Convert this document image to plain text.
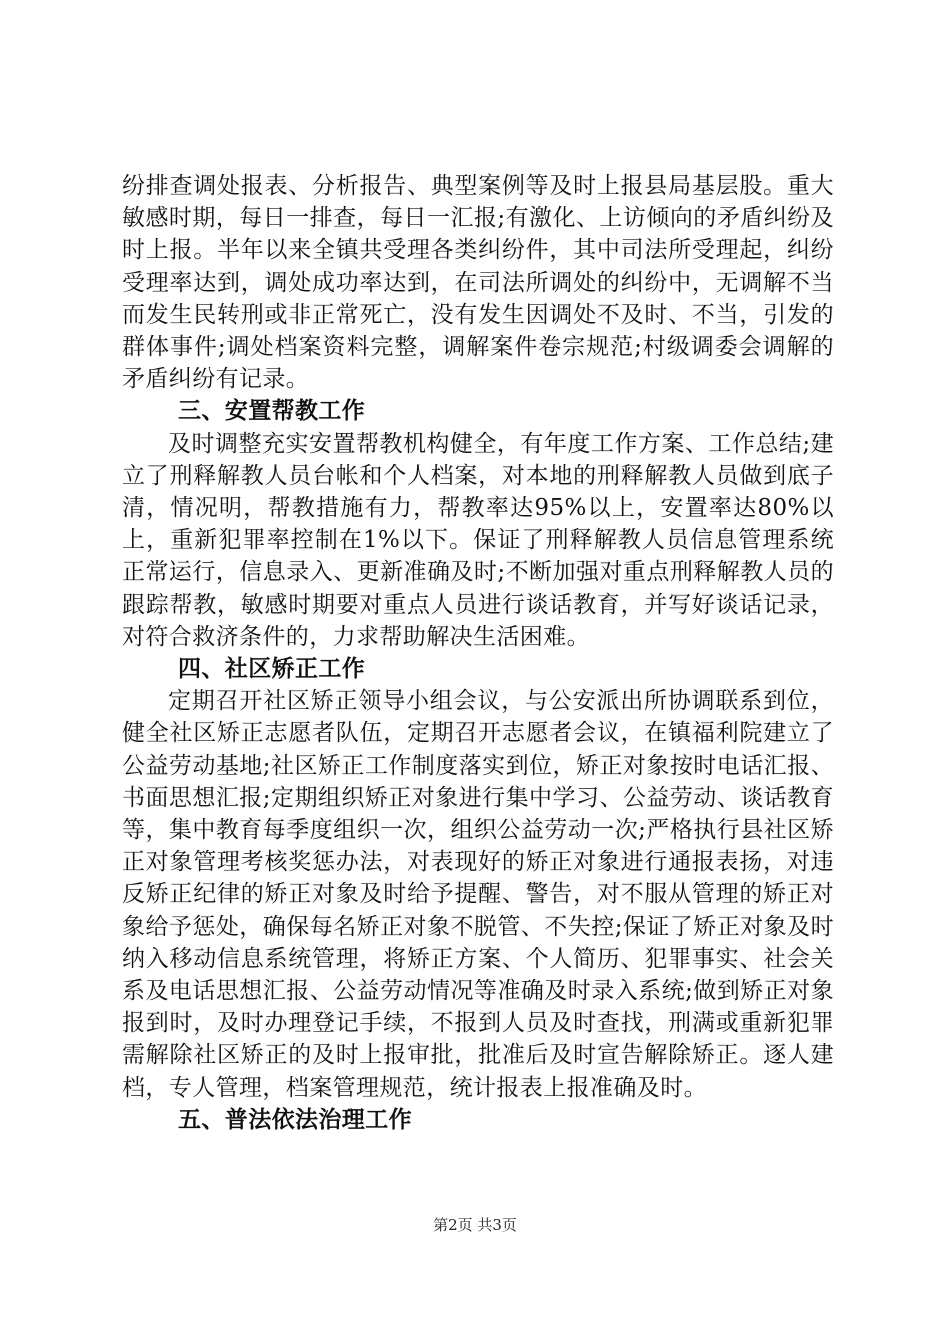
纷排查调处报表、分析报告、典型案例等及时上报县局基层股。重大敏感时期，每日一排查，每日一汇报;有激化、上访倾向的矛盾纠纷及时上报。半年以来全镇共受理各类纠纷件，其中司法所受理起，纠纷受理率达到，调处成功率达到，在司法所调处的纠纷中，无调解不当而发生民转刑或非正常死亡，没有发生因调处不及时、不当，引发的群体事件;调处档案资料完整，调解案件卷宗规范;村级调委会调解的矛盾纠纷有记录。

三、安置帮教工作

及时调整充实安置帮教机构健全，有年度工作方案、工作总结;建立了刑释解教人员台帐和个人档案，对本地的刑释解教人员做到底子清，情况明，帮教措施有力，帮教率达95%以上，安置率达80%以上，重新犯罪率控制在1%以下。保证了刑释解教人员信息管理系统正常运行，信息录入、更新准确及时;不断加强对重点刑释解教人员的跟踪帮教，敏感时期要对重点人员进行谈话教育，并写好谈话记录，对符合救济条件的，力求帮助解决生活困难。

四、社区矫正工作

定期召开社区矫正领导小组会议，与公安派出所协调联系到位，健全社区矫正志愿者队伍，定期召开志愿者会议，在镇福利院建立了公益劳动基地;社区矫正工作制度落实到位，矫正对象按时电话汇报、书面思想汇报;定期组织矫正对象进行集中学习、公益劳动、谈话教育等，集中教育每季度组织一次，组织公益劳动一次;严格执行县社区矫正对象管理考核奖惩办法，对表现好的矫正对象进行通报表扬，对违反矫正纪律的矫正对象及时给予提醒、警告，对不服从管理的矫正对象给予惩处，确保每名矫正对象不脱管、不失控;保证了矫正对象及时纳入移动信息系统管理，将矫正方案、个人简历、犯罪事实、社会关系及电话思想汇报、公益劳动情况等准确及时录入系统;做到矫正对象报到时，及时办理登记手续，不报到人员及时查找，刑满或重新犯罪需解除社区矫正的及时上报审批，批准后及时宣告解除矫正。逐人建档，专人管理，档案管理规范，统计报表上报准确及时。

五、普法依法治理工作
第2页 共3页
